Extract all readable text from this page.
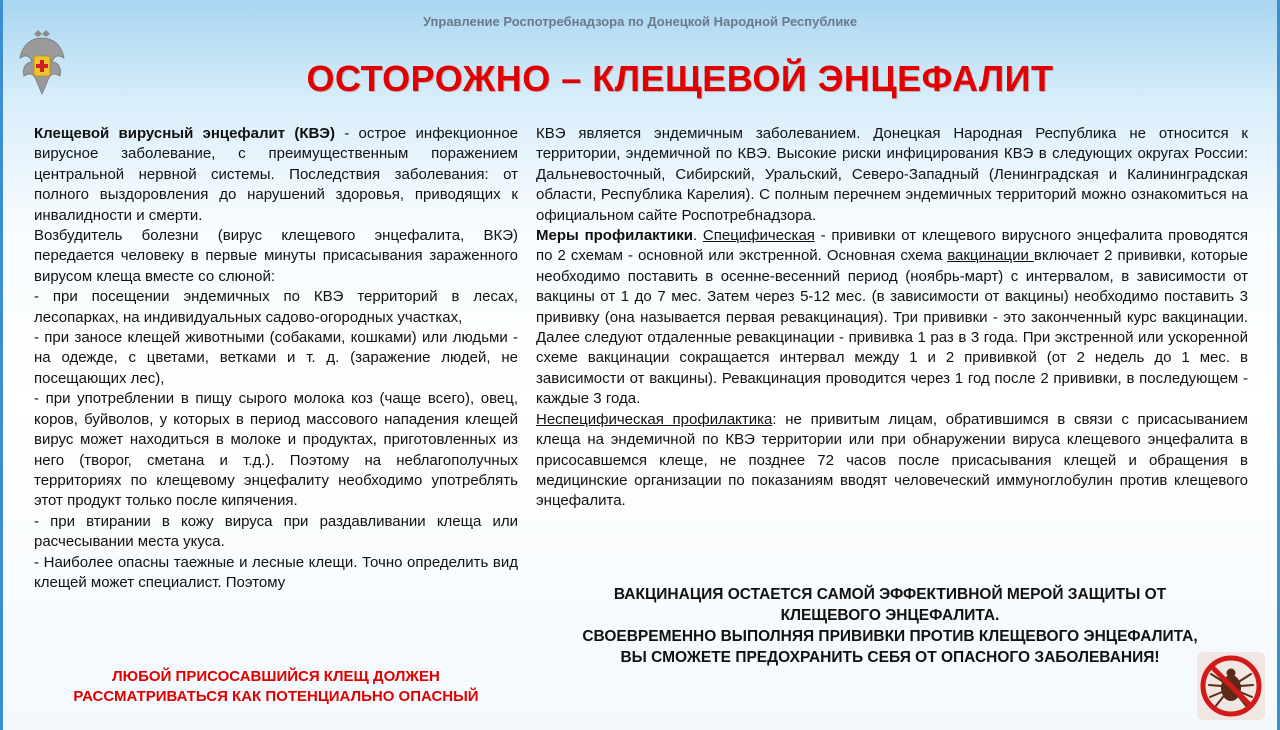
Управление Роспотребнадзора по Донецкой Народной Республике
ОСТОРОЖНО – КЛЕЩЕВОЙ ЭНЦЕФАЛИТ

Клещевой вирусный энцефалит (КВЭ) - острое инфекционное вирусное заболевание, с преимущественным поражением центральной нервной системы. Последствия заболевания: от полного выздоровления до нарушений здоровья, приводящих к инвалидности и смерти.

Возбудитель болезни (вирус клещевого энцефалита, ВКЭ) передается человеку в первые минуты присасывания зараженного вирусом клеща вместе со слюной:

- при посещении эндемичных по КВЭ территорий в лесах, лесопарках, на индивидуальных садово-огородных участках,

- при заносе клещей животными (собаками, кошками) или людьми - на одежде, с цветами, ветками и т. д. (заражение людей, не посещающих лес),

- при употреблении в пищу сырого молока коз (чаще всего), овец, коров, буйволов, у которых в период массового нападения клещей вирус может находиться в молоке и продуктах, приготовленных из него (творог, сметана и т.д.). Поэтому на неблагополучных территориях по клещевому энцефалиту необходимо употреблять этот продукт только после кипячения.

- при втирании в кожу вируса при раздавливании клеща или расчесывании места укуса.

- Наиболее опасны таежные и лесные клещи. Точно определить вид клещей может специалист. Поэтому

ЛЮБОЙ ПРИСОСАВШИЙСЯ КЛЕЩ ДОЛЖЕН
РАССМАТРИВАТЬСЯ КАК ПОТЕНЦИАЛЬНО ОПАСНЫЙ

КВЭ является эндемичным заболеванием. Донецкая Народная Республика не относится к территории, эндемичной по КВЭ. Высокие риски инфицирования КВЭ в следующих округах России: Дальневосточный, Сибирский, Уральский, Северо-Западный (Ленинградская и Калининградская области, Республика Карелия). С полным перечнем эндемичных территорий можно ознакомиться на официальном сайте Роспотребнадзора.

Меры профилактики. Специфическая - прививки от клещевого вирусного энцефалита проводятся по 2 схемам - основной или экстренной. Основная схема вакцинации включает 2 прививки, которые необходимо поставить в осенне-весенний период (ноябрь-март) с интервалом, в зависимости от вакцины от 1 до 7 мес. Затем через 5-12 мес. (в зависимости от вакцины) необходимо поставить 3 прививку (она называется первая ревакцинация). Три прививки - это законченный курс вакцинации. Далее следуют отдаленные ревакцинации - прививка 1 раз в 3 года. При экстренной или ускоренной схеме вакцинации сокращается интервал между 1 и 2 прививкой (от 2 недель до 1 мес. в зависимости от вакцины). Ревакцинация проводится через 1 год после 2 прививки, в последующем - каждые 3 года.

Неспецифическая профилактика: не привитым лицам, обратившимся в связи с присасыванием клеща на эндемичной по КВЭ территории или при обнаружении вируса клещевого энцефалита в присосавшемся клеще, не позднее 72 часов после присасывания клещей и обращения в медицинские организации по показаниям вводят человеческий иммуноглобулин против клещевого энцефалита.

ВАКЦИНАЦИЯ ОСТАЕТСЯ САМОЙ ЭФФЕКТИВНОЙ МЕРОЙ ЗАЩИТЫ ОТ
КЛЕЩЕВОГО ЭНЦЕФАЛИТА.
СВОЕВРЕМЕННО ВЫПОЛНЯЯ ПРИВИВКИ ПРОТИВ КЛЕЩЕВОГО ЭНЦЕФАЛИТА,
ВЫ СМОЖЕТЕ ПРЕДОХРАНИТЬ СЕБЯ ОТ ОПАСНОГО ЗАБОЛЕВАНИЯ!
